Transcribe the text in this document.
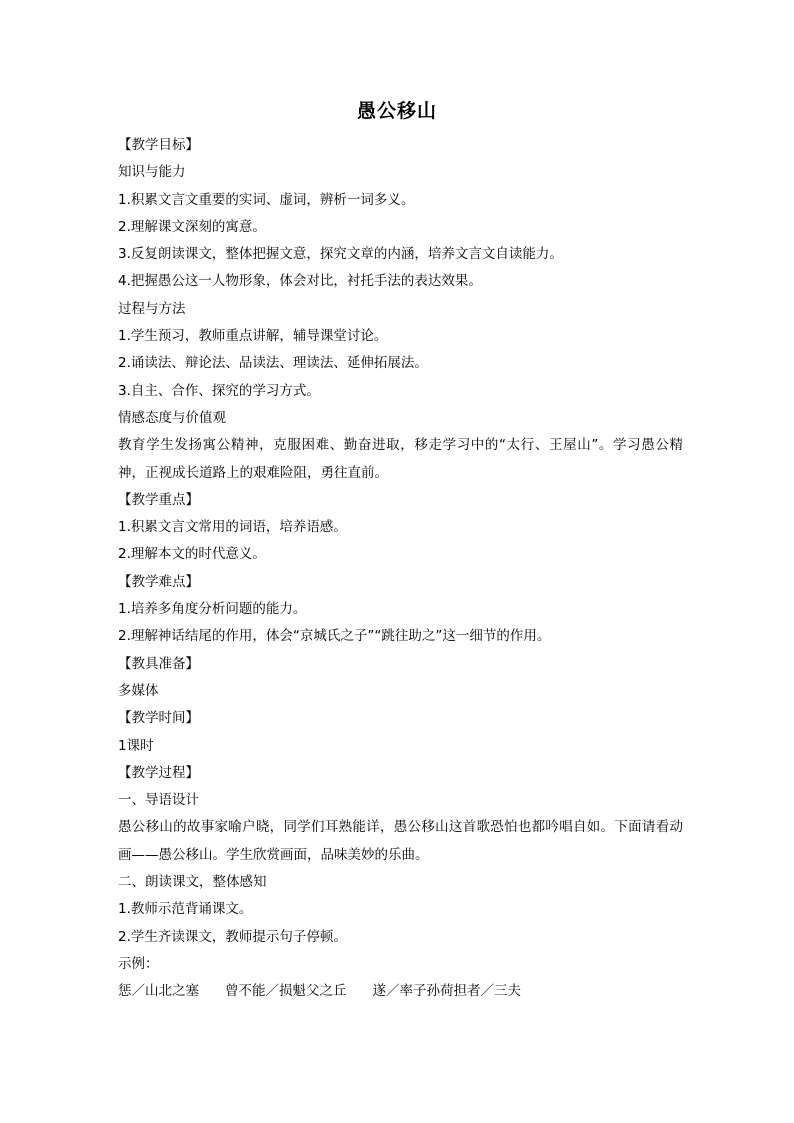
愚公移山
【教学目标】
知识与能力
1.积累文言文重要的实词、虚词，辨析一词多义。
2.理解课文深刻的寓意。
3.反复朗读课文，整体把握文意，探究文章的内涵，培养文言文自读能力。
4.把握愚公这一人物形象，体会对比，衬托手法的表达效果。
过程与方法
1.学生预习，教师重点讲解，辅导课堂讨论。
2.诵读法、辩论法、品读法、理读法、延伸拓展法。
3.自主、合作、探究的学习方式。
情感态度与价值观
教育学生发扬寓公精神，克服困难、勤奋进取，移走学习中的“太行、王屋山”。学习愚公精神，正视成长道路上的艰难险阻，勇往直前。
【教学重点】
1.积累文言文常用的词语，培养语感。
2.理解本文的时代意义。
【教学难点】
1.培养多角度分析问题的能力。
2.理解神话结尾的作用，体会“京城氏之子”“跳往助之”这一细节的作用。
【教具准备】
多媒体
【教学时间】
1课时
【教学过程】
一、导语设计
愚公移山的故事家喻户晓，同学们耳熟能详，愚公移山这首歌恐怕也都吟唱自如。下面请看动画——愚公移山。学生欣赏画面，品味美妙的乐曲。
二、朗读课文，整体感知
1.教师示范背诵课文。
2.学生齐读课文，教师提示句子停顿。
示例：
惩／山北之塞 曾不能／损魁父之丘 遂／率子孙荷担者／三夫
